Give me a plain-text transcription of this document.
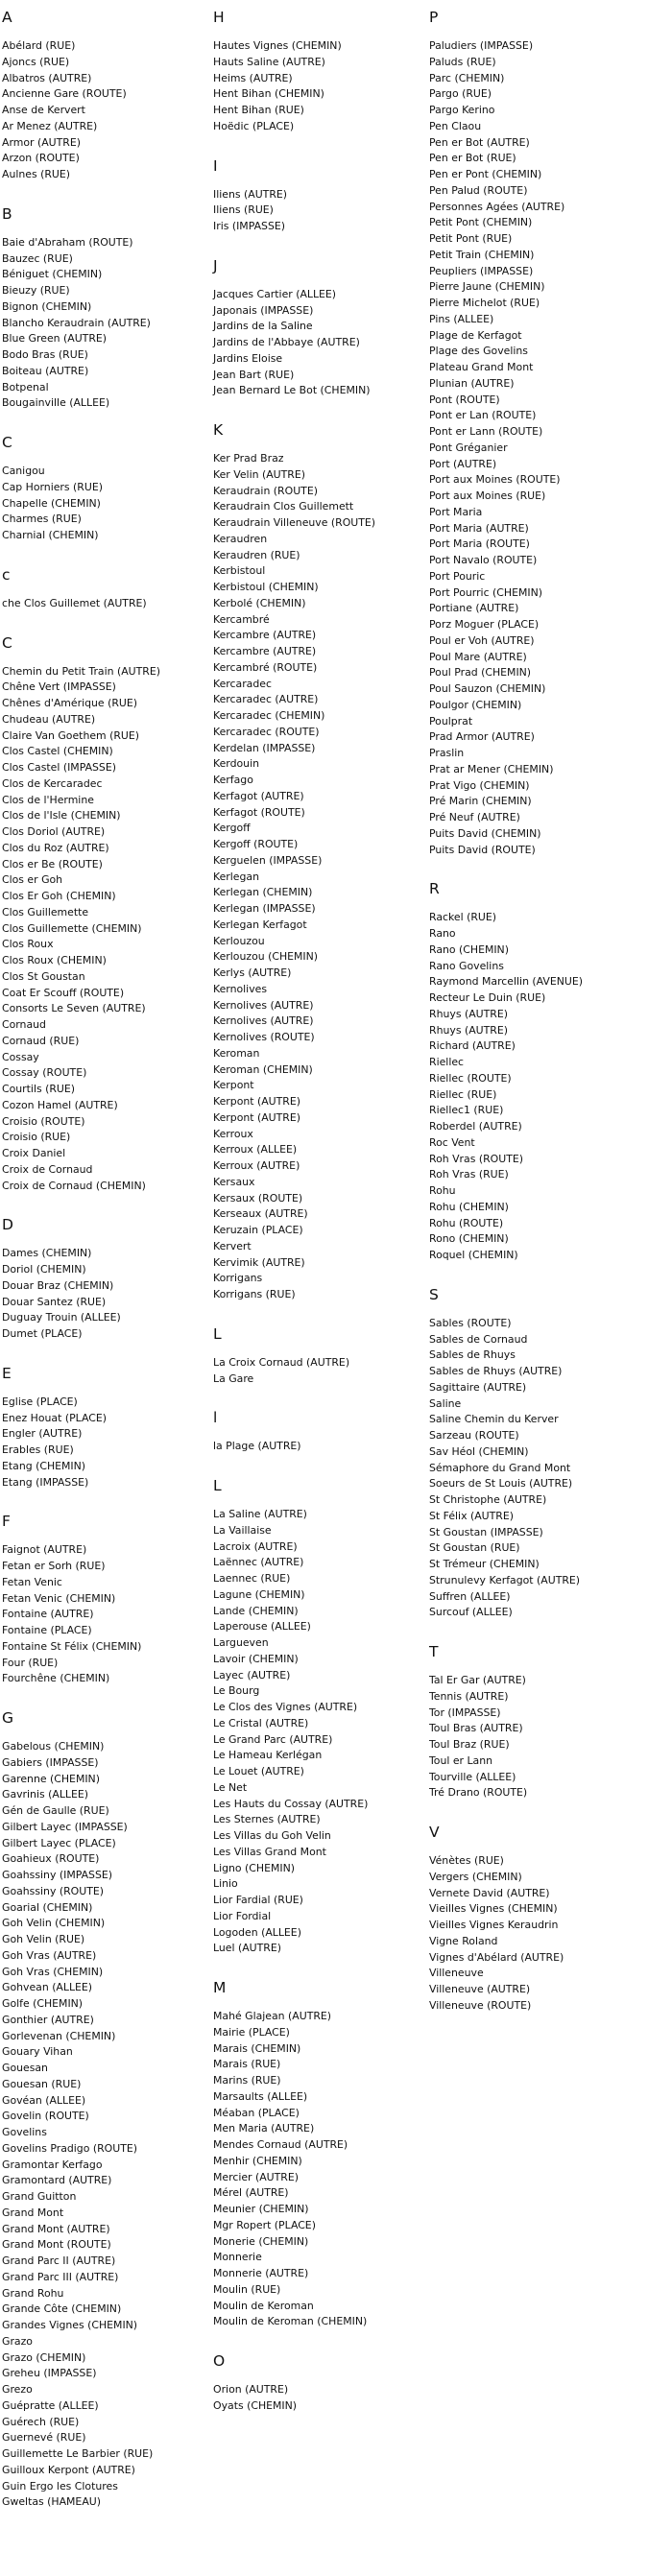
A
Abélard (RUE)
Ajoncs (RUE)
Albatros (AUTRE)
Ancienne Gare (ROUTE)
Anse de Kervert
Ar Menez (AUTRE)
Armor (AUTRE)
Arzon (ROUTE)
Aulnes (RUE)
B
Baie d'Abraham (ROUTE)
Bauzec (RUE)
Béniguet (CHEMIN)
Bieuzy (RUE)
Bignon (CHEMIN)
Blancho Keraudrain (AUTRE)
Blue Green (AUTRE)
Bodo Bras (RUE)
Boiteau (AUTRE)
Botpenal
Bougainville (ALLEE)
C
Canigou
Cap Horniers (RUE)
Chapelle (CHEMIN)
Charmes (RUE)
Charnial (CHEMIN)
c
che Clos Guillemet (AUTRE)
C
Chemin du Petit Train (AUTRE)
Chêne Vert (IMPASSE)
Chênes d'Amérique (RUE)
Chudeau (AUTRE)
Claire Van Goethem (RUE)
Clos Castel (CHEMIN)
Clos Castel (IMPASSE)
Clos de Kercaradec
Clos de l'Hermine
Clos de l'Isle (CHEMIN)
Clos Doriol (AUTRE)
Clos du Roz (AUTRE)
Clos er Be (ROUTE)
Clos er Goh
Clos Er Goh (CHEMIN)
Clos Guillemette
Clos Guillemette (CHEMIN)
Clos Roux
Clos Roux (CHEMIN)
Clos St Goustan
Coat Er Scouff (ROUTE)
Consorts Le Seven (AUTRE)
Cornaud
Cornaud (RUE)
Cossay
Cossay (ROUTE)
Courtils (RUE)
Cozon Hamel (AUTRE)
Croisio (ROUTE)
Croisio (RUE)
Croix Daniel
Croix de Cornaud
Croix de Cornaud (CHEMIN)
D
Dames (CHEMIN)
Doriol (CHEMIN)
Douar Braz (CHEMIN)
Douar Santez (RUE)
Duguay Trouin (ALLEE)
Dumet (PLACE)
E
Eglise (PLACE)
Enez Houat (PLACE)
Engler (AUTRE)
Erables (RUE)
Etang (CHEMIN)
Etang (IMPASSE)
F
Faignot (AUTRE)
Fetan er Sorh (RUE)
Fetan Venic
Fetan Venic (CHEMIN)
Fontaine (AUTRE)
Fontaine (PLACE)
Fontaine St Félix (CHEMIN)
Four (RUE)
Fourchêne (CHEMIN)
G
Gabelous (CHEMIN)
Gabiers (IMPASSE)
Garenne (CHEMIN)
Gavrinis (ALLEE)
Gén de Gaulle (RUE)
Gilbert Layec (IMPASSE)
Gilbert Layec (PLACE)
Goahieux (ROUTE)
Goahssiny (IMPASSE)
Goahssiny (ROUTE)
Goarial (CHEMIN)
Goh Velin (CHEMIN)
Goh Velin (RUE)
Goh Vras (AUTRE)
Goh Vras (CHEMIN)
Gohvean (ALLEE)
Golfe (CHEMIN)
Gonthier (AUTRE)
Gorlevenan (CHEMIN)
Gouary Vihan
Gouesan
Gouesan (RUE)
Govéan (ALLEE)
Govelin (ROUTE)
Govelins
Govelins Pradigo (ROUTE)
Gramontar Kerfago
Gramontard (AUTRE)
Grand Guitton
Grand Mont
Grand Mont (AUTRE)
Grand Mont (ROUTE)
Grand Parc II (AUTRE)
Grand Parc III (AUTRE)
Grand Rohu
Grande Côte (CHEMIN)
Grandes Vignes (CHEMIN)
Grazo
Grazo (CHEMIN)
Greheu (IMPASSE)
Grezo
Guépratte (ALLEE)
Guérech (RUE)
Guernevé (RUE)
Guillemette Le Barbier (RUE)
Guilloux Kerpont (AUTRE)
Guin Ergo les Clotures
Gweltas (HAMEAU)
H
Hautes Vignes (CHEMIN)
Hauts Saline (AUTRE)
Heims (AUTRE)
Hent Bihan (CHEMIN)
Hent Bihan (RUE)
Hoëdic (PLACE)
I
Iliens (AUTRE)
Iliens (RUE)
Iris (IMPASSE)
J
Jacques Cartier (ALLEE)
Japonais (IMPASSE)
Jardins de la Saline
Jardins de l'Abbaye (AUTRE)
Jardins Eloise
Jean Bart (RUE)
Jean Bernard Le Bot (CHEMIN)
K
Ker Prad Braz
Ker Velin (AUTRE)
Keraudrain (ROUTE)
Keraudrain Clos Guillemett
Keraudrain Villeneuve (ROUTE)
Keraudren
Keraudren (RUE)
Kerbistoul
Kerbistoul (CHEMIN)
Kerbolé (CHEMIN)
Kercambré
Kercambre (AUTRE)
Kercambre (AUTRE)
Kercambré (ROUTE)
Kercaradec
Kercaradec (AUTRE)
Kercaradec (CHEMIN)
Kercaradec (ROUTE)
Kerdelan (IMPASSE)
Kerdouin
Kerfago
Kerfagot (AUTRE)
Kerfagot (ROUTE)
Kergoff
Kergoff (ROUTE)
Kerguelen (IMPASSE)
Kerlegan
Kerlegan (CHEMIN)
Kerlegan (IMPASSE)
Kerlegan Kerfagot
Kerlouzou
Kerlouzou (CHEMIN)
Kerlys (AUTRE)
Kernolives
Kernolives (AUTRE)
Kernolives (AUTRE)
Kernolives (ROUTE)
Keroman
Keroman (CHEMIN)
Kerpont
Kerpont (AUTRE)
Kerpont (AUTRE)
Kerroux
Kerroux (ALLEE)
Kerroux (AUTRE)
Kersaux
Kersaux (ROUTE)
Kerseaux (AUTRE)
Keruzain (PLACE)
Kervert
Kervimik (AUTRE)
Korrigans
Korrigans (RUE)
L
La Croix Cornaud (AUTRE)
La Gare
l
la Plage (AUTRE)
L
La Saline (AUTRE)
La Vaillaise
Lacroix (AUTRE)
Laënnec (AUTRE)
Laennec (RUE)
Lagune (CHEMIN)
Lande (CHEMIN)
Laperouse (ALLEE)
Largueven
Lavoir (CHEMIN)
Layec (AUTRE)
Le Bourg
Le Clos des Vignes (AUTRE)
Le Cristal (AUTRE)
Le Grand Parc (AUTRE)
Le Hameau Kerlégan
Le Louet (AUTRE)
Le Net
Les Hauts du Cossay (AUTRE)
Les Sternes (AUTRE)
Les Villas du Goh Velin
Les Villas Grand Mont
Ligno (CHEMIN)
Linio
Lior Fardial (RUE)
Lior Fordial
Logoden (ALLEE)
Luel (AUTRE)
M
Mahé Glajean (AUTRE)
Mairie (PLACE)
Marais (CHEMIN)
Marais (RUE)
Marins (RUE)
Marsaults (ALLEE)
Méaban (PLACE)
Men Maria (AUTRE)
Mendes Cornaud (AUTRE)
Menhir (CHEMIN)
Mercier (AUTRE)
Mérel (AUTRE)
Meunier (CHEMIN)
Mgr Ropert (PLACE)
Monerie (CHEMIN)
Monnerie
Monnerie (AUTRE)
Moulin (RUE)
Moulin de Keroman
Moulin de Keroman (CHEMIN)
O
Orion (AUTRE)
Oyats (CHEMIN)
P
Paludiers (IMPASSE)
Paluds (RUE)
Parc (CHEMIN)
Pargo (RUE)
Pargo Kerino
Pen Claou
Pen er Bot (AUTRE)
Pen er Bot (RUE)
Pen er Pont (CHEMIN)
Pen Palud (ROUTE)
Personnes Agées (AUTRE)
Petit Pont (CHEMIN)
Petit Pont (RUE)
Petit Train (CHEMIN)
Peupliers (IMPASSE)
Pierre Jaune (CHEMIN)
Pierre Michelot (RUE)
Pins (ALLEE)
Plage de Kerfagot
Plage des Govelins
Plateau Grand Mont
Plunian (AUTRE)
Pont (ROUTE)
Pont er Lan (ROUTE)
Pont er Lann (ROUTE)
Pont Gréganier
Port (AUTRE)
Port aux Moines (ROUTE)
Port aux Moines (RUE)
Port Maria
Port Maria (AUTRE)
Port Maria (ROUTE)
Port Navalo (ROUTE)
Port Pouric
Port Pourric (CHEMIN)
Portiane (AUTRE)
Porz Moguer (PLACE)
Poul er Voh (AUTRE)
Poul Mare (AUTRE)
Poul Prad (CHEMIN)
Poul Sauzon (CHEMIN)
Poulgor (CHEMIN)
Poulprat
Prad Armor (AUTRE)
Praslin
Prat ar Mener (CHEMIN)
Prat Vigo (CHEMIN)
Pré Marin (CHEMIN)
Pré Neuf (AUTRE)
Puits David (CHEMIN)
Puits David (ROUTE)
R
Rackel (RUE)
Rano
Rano (CHEMIN)
Rano Govelins
Raymond Marcellin (AVENUE)
Recteur Le Duin (RUE)
Rhuys (AUTRE)
Rhuys (AUTRE)
Richard (AUTRE)
Riellec
Riellec (ROUTE)
Riellec (RUE)
Riellec1 (RUE)
Roberdel (AUTRE)
Roc Vent
Roh Vras (ROUTE)
Roh Vras (RUE)
Rohu
Rohu (CHEMIN)
Rohu (ROUTE)
Rono (CHEMIN)
Roquel (CHEMIN)
S
Sables (ROUTE)
Sables de Cornaud
Sables de Rhuys
Sables de Rhuys (AUTRE)
Sagittaire (AUTRE)
Saline
Saline Chemin du Kerver
Sarzeau (ROUTE)
Sav Héol (CHEMIN)
Sémaphore du Grand Mont
Soeurs de St Louis (AUTRE)
St Christophe (AUTRE)
St Félix (AUTRE)
St Goustan (IMPASSE)
St Goustan (RUE)
St Trémeur (CHEMIN)
Strunulevy Kerfagot (AUTRE)
Suffren (ALLEE)
Surcouf (ALLEE)
T
Tal Er Gar (AUTRE)
Tennis (AUTRE)
Tor (IMPASSE)
Toul Bras (AUTRE)
Toul Braz (RUE)
Toul er Lann
Tourville (ALLEE)
Tré Drano (ROUTE)
V
Vénètes (RUE)
Vergers (CHEMIN)
Vernete David (AUTRE)
Vieilles Vignes (CHEMIN)
Vieilles Vignes Keraudrin
Vigne Roland
Vignes d'Abélard (AUTRE)
Villeneuve
Villeneuve (AUTRE)
Villeneuve (ROUTE)
